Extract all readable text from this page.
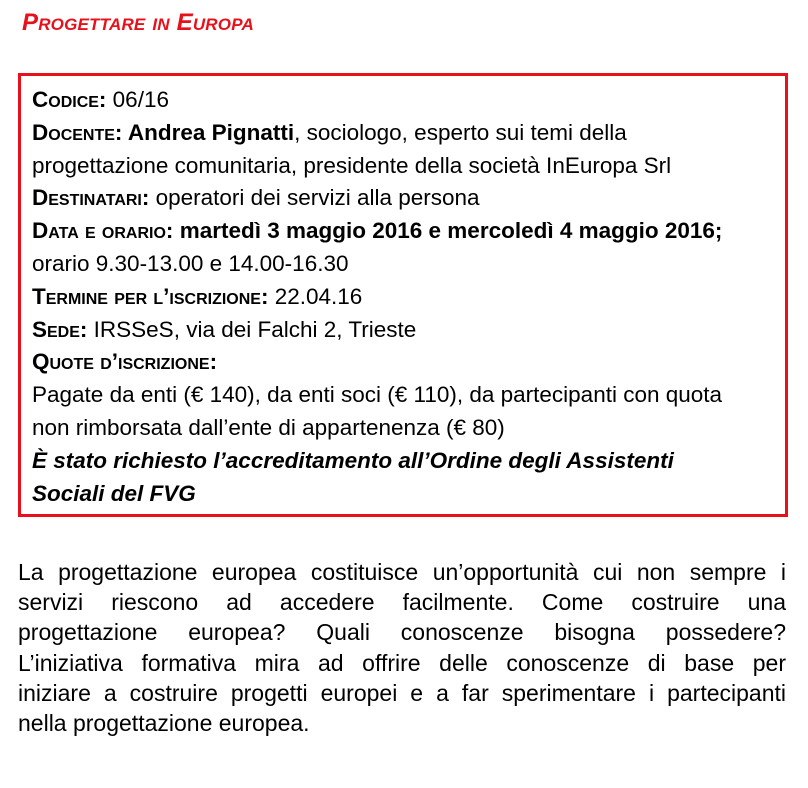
Progettare in Europa
Codice: 06/16
Docente: Andrea Pignatti, sociologo, esperto sui temi della
progettazione comunitaria, presidente della società InEuropa Srl
Destinatari: operatori dei servizi alla persona
Data e orario: martedì 3 maggio 2016 e mercoledì 4 maggio 2016;
orario 9.30-13.00 e 14.00-16.30
Termine per l’iscrizione: 22.04.16
Sede: IRSSeS, via dei Falchi 2, Trieste
Quote d’iscrizione:
Pagate da enti (€ 140), da enti soci (€ 110), da partecipanti con quota
non rimborsata dall’ente di appartenenza (€ 80)
È stato richiesto l’accreditamento all’Ordine degli Assistenti
Sociali del FVG
La progettazione europea costituisce un’opportunità cui non sempre i
servizi riescono ad accedere facilmente. Come costruire una
progettazione europea? Quali conoscenze bisogna possedere?
L’iniziativa formativa mira ad offrire delle conoscenze di base per
iniziare a costruire progetti europei e a far sperimentare i partecipanti
nella progettazione europea.
